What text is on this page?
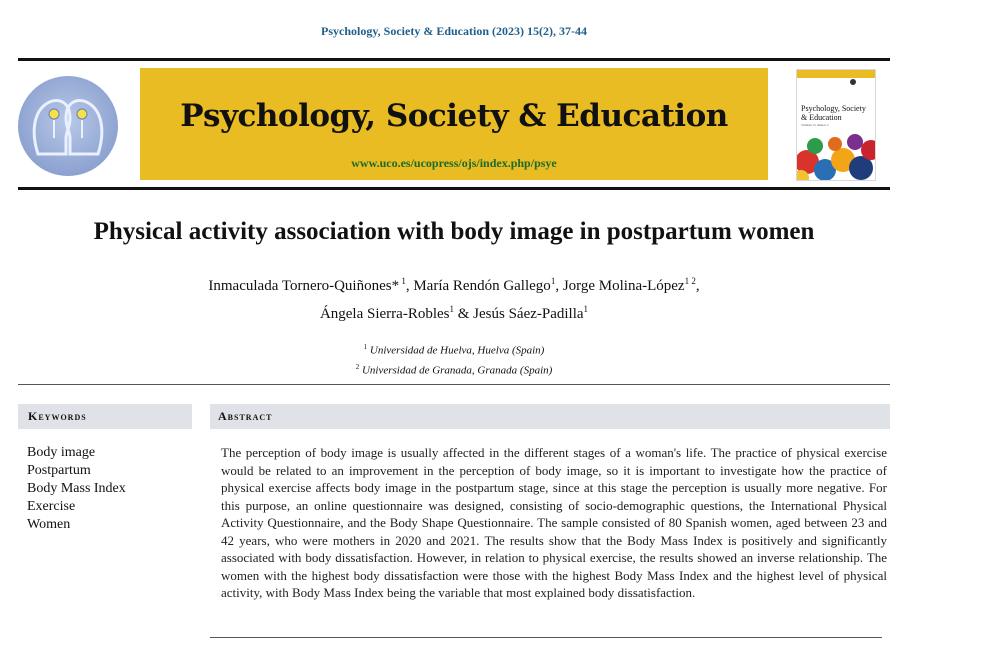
Psychology, Society & Education (2023) 15(2), 37-44
Psychology, Society & Education
www.uco.es/ucopress/ojs/index.php/psye
Psychology, Society & Education
Volumen 15, número 2
Physical activity association with body image in postpartum women
Inmaculada Tornero-Quiñones* $^1$, María Rendón Gallego$^1$, Jorge Molina-López$^{1 2}$,
Ángela Sierra-Robles$^1$ & Jesús Sáez-Padilla$^1$
$^1$ Universidad de Huelva, Huelva (Spain)
$^2$ Universidad de Granada, Granada (Spain)
Keywords	Abstract
Body image
Postpartum
Body Mass Index
Exercise
Women
The perception of body image is usually affected in the different stages of a woman's life. The practice of physical exercise would be related to an improvement in the perception of body image, so it is important to investigate how the practice of physical exercise affects body image in the postpartum stage, since at this stage the perception is usually more negative. For this purpose, an online questionnaire was designed, consisting of socio-demographic questions, the International Physical Activity Questionnaire, and the Body Shape Questionnaire. The sample consisted of 80 Spanish women, aged between 23 and 42 years, who were mothers in 2020 and 2021. The results show that the Body Mass Index is positively and significantly associated with body dissatisfaction. However, in relation to physical exercise, the results showed an inverse relationship. The women with the highest body dissatisfaction were those with the highest Body Mass Index and the highest level of physical activity, with Body Mass Index being the variable that most explained body dissatisfaction.
